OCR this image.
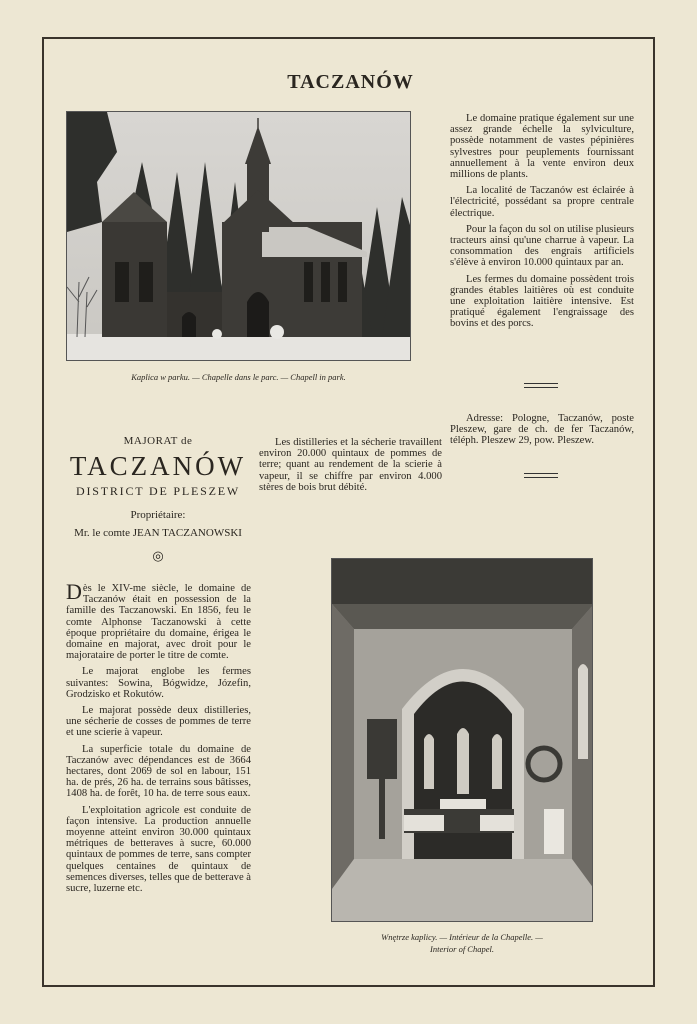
TACZANÓW
Kaplica w parku. — Chapelle dans le parc. — Chapell in park.

Le domaine pratique également sur une assez grande échelle la sylviculture, possède notamment de vastes pépinières sylvestres pour peuplements fournissant annuellement à la vente environ deux millions de plants.

La localité de Taczanów est éclairée à l'électricité, possédant sa propre centrale électrique.

Pour la façon du sol on utilise plusieurs tracteurs ainsi qu'une charrue à vapeur. La consommation des engrais artificiels s'élève à environ 10.000 quintaux par an.

Les fermes du domaine possèdent trois grandes étables laitières où est conduite une exploitation laitière intensive. Est pratiqué également l'engraissage des bovins et des porcs.

Adresse: Pologne, Taczanów, poste Pleszew, gare de ch. de fer Taczanów, téléph. Pleszew 29, pow. Pleszew.

MAJORAT de
TACZANÓW
DISTRICT DE PLESZEW
Propriétaire:
Mr. le comte JEAN TACZANOWSKI
◎

Les distilleries et la sécherie travaillent environ 20.000 quintaux de pommes de terre; quant au rendement de la scierie à vapeur, il se chiffre par environ 4.000 stères de bois brut débité.

Dès le XIV-me siècle, le domaine de Taczanów était en possession de la famille des Taczanowski. En 1856, feu le comte Alphonse Taczanowski à cette époque propriétaire du domaine, érigea le domaine en majorat, avec droit pour le majorataire de porter le titre de comte.

Le majorat englobe les fermes suivantes: Sowina, Bógwidze, Józefin, Grodzisko et Rokutów.

Le majorat possède deux distilleries, une sécherie de cosses de pommes de terre et une scierie à vapeur.

La superficie totale du domaine de Taczanów avec dépendances est de 3664 hectares, dont 2069 de sol en labour, 151 ha. de prés, 26 ha. de terrains sous bâtisses, 1408 ha. de forêt, 10 ha. de terre sous eaux.

L'exploitation agricole est conduite de façon intensive. La production annuelle moyenne atteint environ 30.000 quintaux métriques de betteraves à sucre, 60.000 quintaux de pommes de terre, sans compter quelques centaines de quintaux de semences diverses, telles que de betterave à sucre, luzerne etc.

Wnętrze kaplicy. — Intérieur de la Chapelle. —
Interior of Chapel.
